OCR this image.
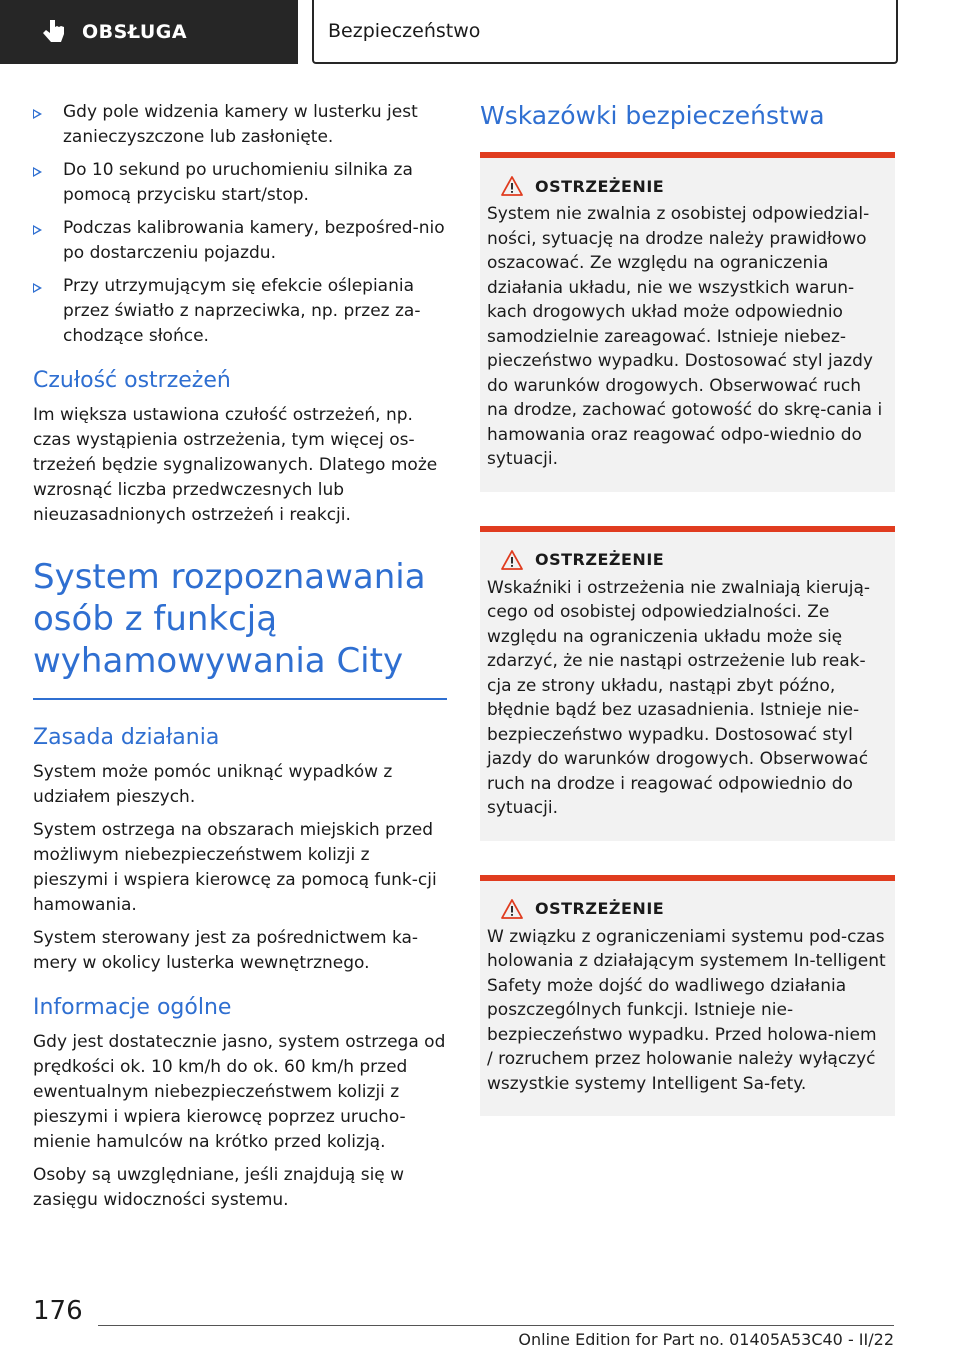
OBSŁUGA	Bezpieczeństwo
Gdy pole widzenia kamery w lusterku jest zanieczyszczone lub zasłonięte.
Do 10 sekund po uruchomieniu silnika za pomocą przycisku start/stop.
Podczas kalibrowania kamery, bezpośred-nio po dostarczeniu pojazdu.
Przy utrzymującym się efekcie oślepiania przez światło z naprzeciwka, np. przez za-chodzące słońce.
Czułość ostrzeżeń

Im większa ustawiona czułość ostrzeżeń, np. czas wystąpienia ostrzeżenia, tym więcej os-trzeżeń będzie sygnalizowanych. Dlatego może wzrosnąć liczba przedwczesnych lub nieuzasadnionych ostrzeżeń i reakcji.

System rozpoznawania osób z funkcją wyhamowywania City
Zasada działania

System może pomóc uniknąć wypadków z udziałem pieszych.

System ostrzega na obszarach miejskich przed możliwym niebezpieczeństwem kolizji z pieszymi i wspiera kierowcę za pomocą funk-cji hamowania.

System sterowany jest za pośrednictwem ka-mery w okolicy lusterka wewnętrznego.

Informacje ogólne

Gdy jest dostatecznie jasno, system ostrzega od prędkości ok. 10 km/h do ok. 60 km/h przed ewentualnym niebezpieczeństwem kolizji z pieszymi i wpiera kierowcę poprzez urucho-mienie hamulców na krótko przed kolizją.

Osoby są uwzględniane, jeśli znajdują się w zasięgu widoczności systemu.

Wskazówki bezpieczeństwa
OSTRZEŻENIE

System nie zwalnia z osobistej odpowiedzial-ności, sytuację na drodze należy prawidłowo oszacować. Ze względu na ograniczenia działania układu, nie we wszystkich warun-kach drogowych układ może odpowiednio samodzielnie zareagować. Istnieje niebez-pieczeństwo wypadku. Dostosować styl jazdy do warunków drogowych. Obserwować ruch na drodze, zachować gotowość do skrę-cania i hamowania oraz reagować odpo-wiednio do sytuacji.

OSTRZEŻENIE

Wskaźniki i ostrzeżenia nie zwalniają kierują-cego od osobistej odpowiedzialności. Ze względu na ograniczenia układu może się zdarzyć, że nie nastąpi ostrzeżenie lub reak-cja ze strony układu, nastąpi zbyt późno, błędnie bądź bez uzasadnienia. Istnieje nie-bezpieczeństwo wypadku. Dostosować styl jazdy do warunków drogowych. Obserwować ruch na drodze i reagować odpowiednio do sytuacji.

OSTRZEŻENIE

W związku z ograniczeniami systemu pod-czas holowania z działającym systemem In-telligent Safety może dojść do wadliwego działania poszczególnych funkcji. Istnieje nie-bezpieczeństwo wypadku. Przed holowa-niem / rozruchem przez holowanie należy wyłączyć wszystkie systemy Intelligent Sa-fety.

176
Online Edition for Part no. 01405A53C40 - II/22
